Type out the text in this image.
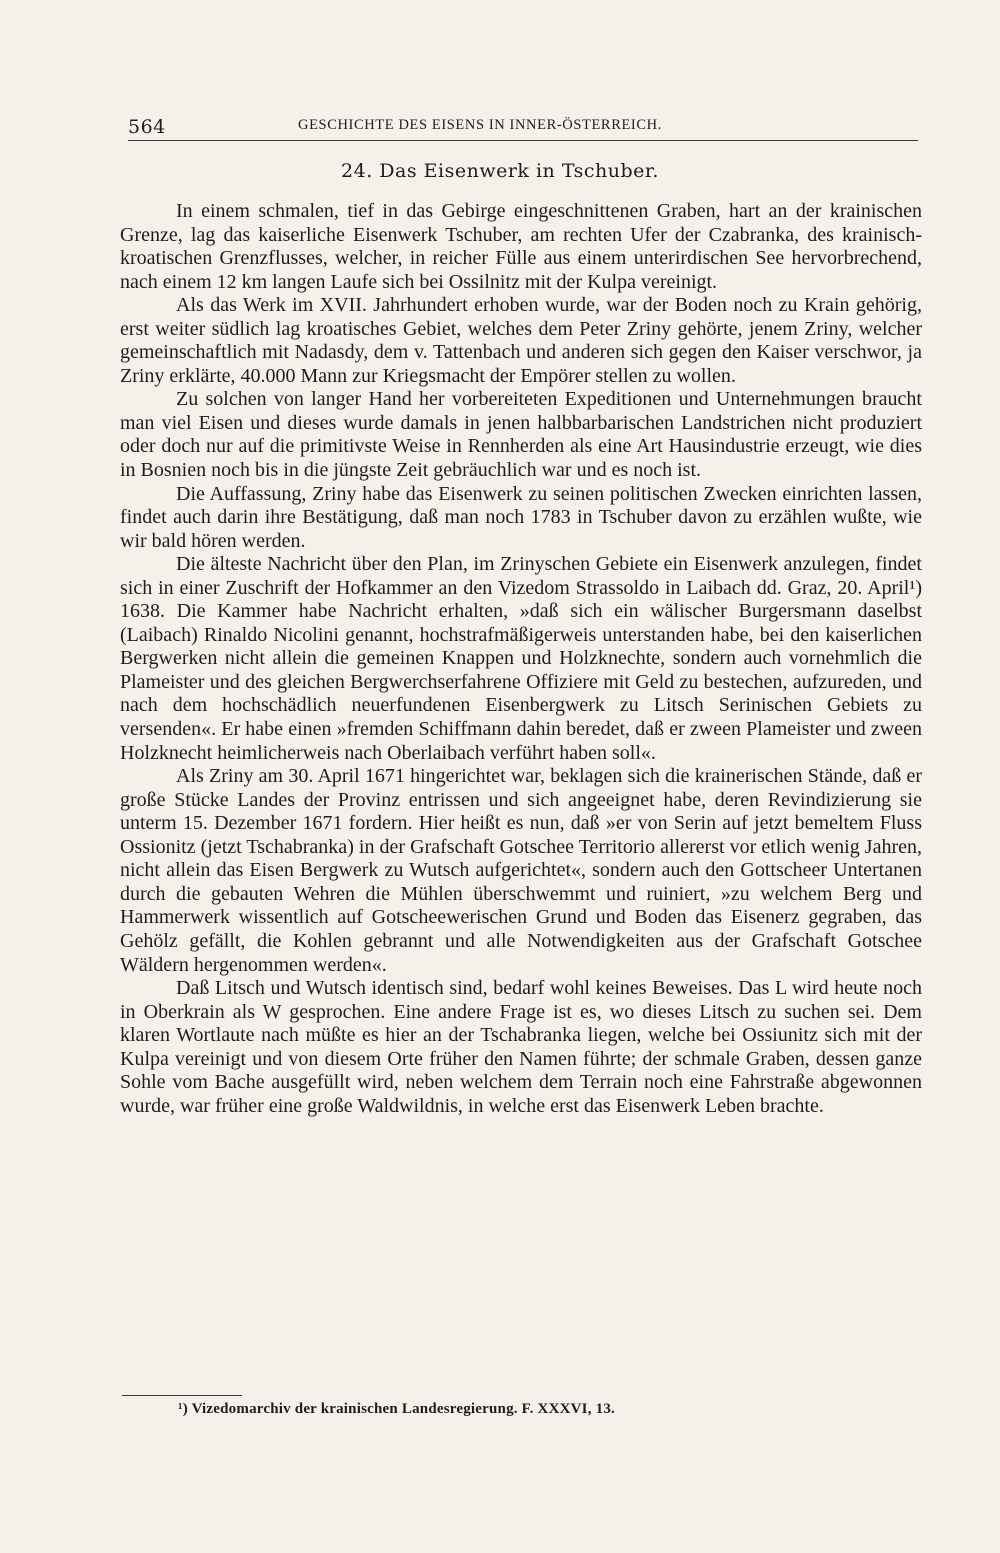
564	GESCHICHTE DES EISENS IN INNER-ÖSTERREICH.
24. Das Eisenwerk in Tschuber.

In einem schmalen, tief in das Gebirge eingeschnittenen Graben, hart an der krainischen Grenze, lag das kaiserliche Eisenwerk Tschuber, am rechten Ufer der Czabranka, des krainisch-kroatischen Grenzflusses, welcher, in reicher Fülle aus einem unterirdischen See hervorbrechend, nach einem 12 km langen Laufe sich bei Ossilnitz mit der Kulpa vereinigt.

Als das Werk im XVII. Jahrhundert erhoben wurde, war der Boden noch zu Krain gehörig, erst weiter südlich lag kroatisches Gebiet, welches dem Peter Zriny gehörte, jenem Zriny, welcher gemeinschaftlich mit Nadasdy, dem v. Tattenbach und anderen sich gegen den Kaiser verschwor, ja Zriny erklärte, 40.000 Mann zur Kriegsmacht der Empörer stellen zu wollen.

Zu solchen von langer Hand her vorbereiteten Expeditionen und Unternehmungen braucht man viel Eisen und dieses wurde damals in jenen halbbarbarischen Landstrichen nicht produziert oder doch nur auf die primitivste Weise in Rennherden als eine Art Hausindustrie erzeugt, wie dies in Bosnien noch bis in die jüngste Zeit gebräuchlich war und es noch ist.

Die Auffassung, Zriny habe das Eisenwerk zu seinen politischen Zwecken einrichten lassen, findet auch darin ihre Bestätigung, daß man noch 1783 in Tschuber davon zu erzählen wußte, wie wir bald hören werden.

Die älteste Nachricht über den Plan, im Zrinyschen Gebiete ein Eisenwerk anzulegen, findet sich in einer Zuschrift der Hofkammer an den Vizedom Strassoldo in Laibach dd. Graz, 20. April¹) 1638. Die Kammer habe Nachricht erhalten, »daß sich ein wälischer Burgersmann daselbst (Laibach) Rinaldo Nicolini genannt, hochstrafmäßigerweis unterstanden habe, bei den kaiserlichen Bergwerken nicht allein die gemeinen Knappen und Holzknechte, sondern auch vornehmlich die Plameister und des gleichen Bergwerchserfahrene Offiziere mit Geld zu bestechen, aufzureden, und nach dem hochschädlich neuerfundenen Eisenbergwerk zu Litsch Serinischen Gebiets zu versenden«. Er habe einen »fremden Schiffmann dahin beredet, daß er zween Plameister und zween Holzknecht heimlicherweis nach Oberlaibach verführt haben soll«.

Als Zriny am 30. April 1671 hingerichtet war, beklagen sich die krainerischen Stände, daß er große Stücke Landes der Provinz entrissen und sich angeeignet habe, deren Revindizierung sie unterm 15. Dezember 1671 fordern. Hier heißt es nun, daß »er von Serin auf jetzt bemeltem Fluss Ossionitz (jetzt Tschabranka) in der Grafschaft Gotschee Territorio allererst vor etlich wenig Jahren, nicht allein das Eisen Bergwerk zu Wutsch aufgerichtet«, sondern auch den Gottscheer Untertanen durch die gebauten Wehren die Mühlen überschwemmt und ruiniert, »zu welchem Berg und Hammerwerk wissentlich auf Gotscheewerischen Grund und Boden das Eisenerz gegraben, das Gehölz gefällt, die Kohlen gebrannt und alle Notwendigkeiten aus der Grafschaft Gotschee Wäldern hergenommen werden«.

Daß Litsch und Wutsch identisch sind, bedarf wohl keines Beweises. Das L wird heute noch in Oberkrain als W gesprochen. Eine andere Frage ist es, wo dieses Litsch zu suchen sei. Dem klaren Wortlaute nach müßte es hier an der Tschabranka liegen, welche bei Ossiunitz sich mit der Kulpa vereinigt und von diesem Orte früher den Namen führte; der schmale Graben, dessen ganze Sohle vom Bache ausgefüllt wird, neben welchem dem Terrain noch eine Fahrstraße abgewonnen wurde, war früher eine große Waldwildnis, in welche erst das Eisenwerk Leben brachte.

¹) Vizedomarchiv der krainischen Landesregierung. F. XXXVI, 13.
